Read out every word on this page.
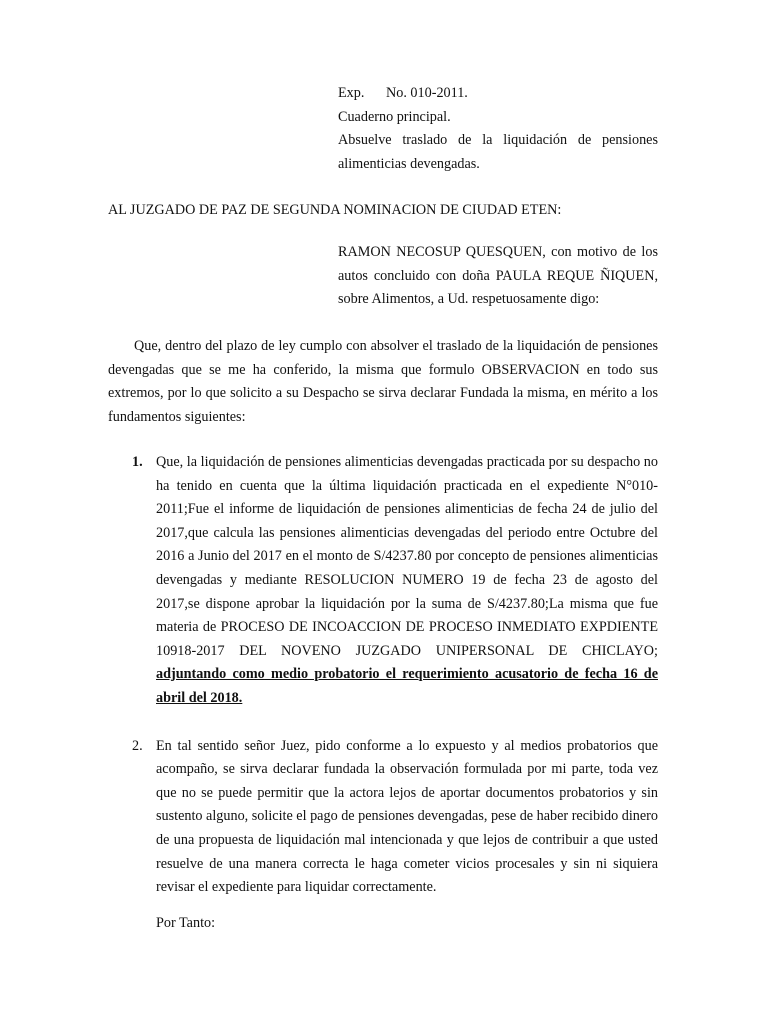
Exp. No. 010-2011.
Cuaderno principal.
Absuelve traslado de la liquidación de pensiones alimenticias devengadas.
AL JUZGADO DE PAZ DE SEGUNDA NOMINACION DE CIUDAD ETEN:
RAMON NECOSUP QUESQUEN, con motivo de los autos concluido con doña PAULA REQUE ÑIQUEN, sobre Alimentos, a Ud. respetuosamente digo:
Que, dentro del plazo de ley cumplo con absolver el traslado de la liquidación de pensiones devengadas que se me ha conferido, la misma que formulo OBSERVACION en todo sus extremos, por lo que solicito a su Despacho se sirva declarar Fundada la misma, en mérito a los fundamentos siguientes:
1. Que, la liquidación de pensiones alimenticias devengadas practicada por su despacho no ha tenido en cuenta que la última liquidación practicada en el expediente N°010-2011;Fue el informe de liquidación de pensiones alimenticias de fecha 24 de julio del 2017,que calcula las pensiones alimenticias devengadas del periodo entre Octubre del 2016 a Junio del 2017 en el monto de S/4237.80 por concepto de pensiones alimenticias devengadas y mediante RESOLUCION NUMERO 19 de fecha 23 de agosto del 2017,se dispone aprobar la liquidación por la suma de S/4237.80;La misma que fue materia de PROCESO DE INCOACCION DE PROCESO INMEDIATO EXPDIENTE 10918-2017 DEL NOVENO JUZGADO UNIPERSONAL DE CHICLAYO; adjuntando como medio probatorio el requerimiento acusatorio de fecha 16 de abril del 2018.
2. En tal sentido señor Juez, pido conforme a lo expuesto y al medios probatorios que acompaño, se sirva declarar fundada la observación formulada por mi parte, toda vez que no se puede permitir que la actora lejos de aportar documentos probatorios y sin sustento alguno, solicite el pago de pensiones devengadas, pese de haber recibido dinero de una propuesta de liquidación mal intencionada y que lejos de contribuir a que usted resuelve de una manera correcta le haga cometer vicios procesales y sin ni siquiera revisar el expediente para liquidar correctamente.
Por Tanto:
